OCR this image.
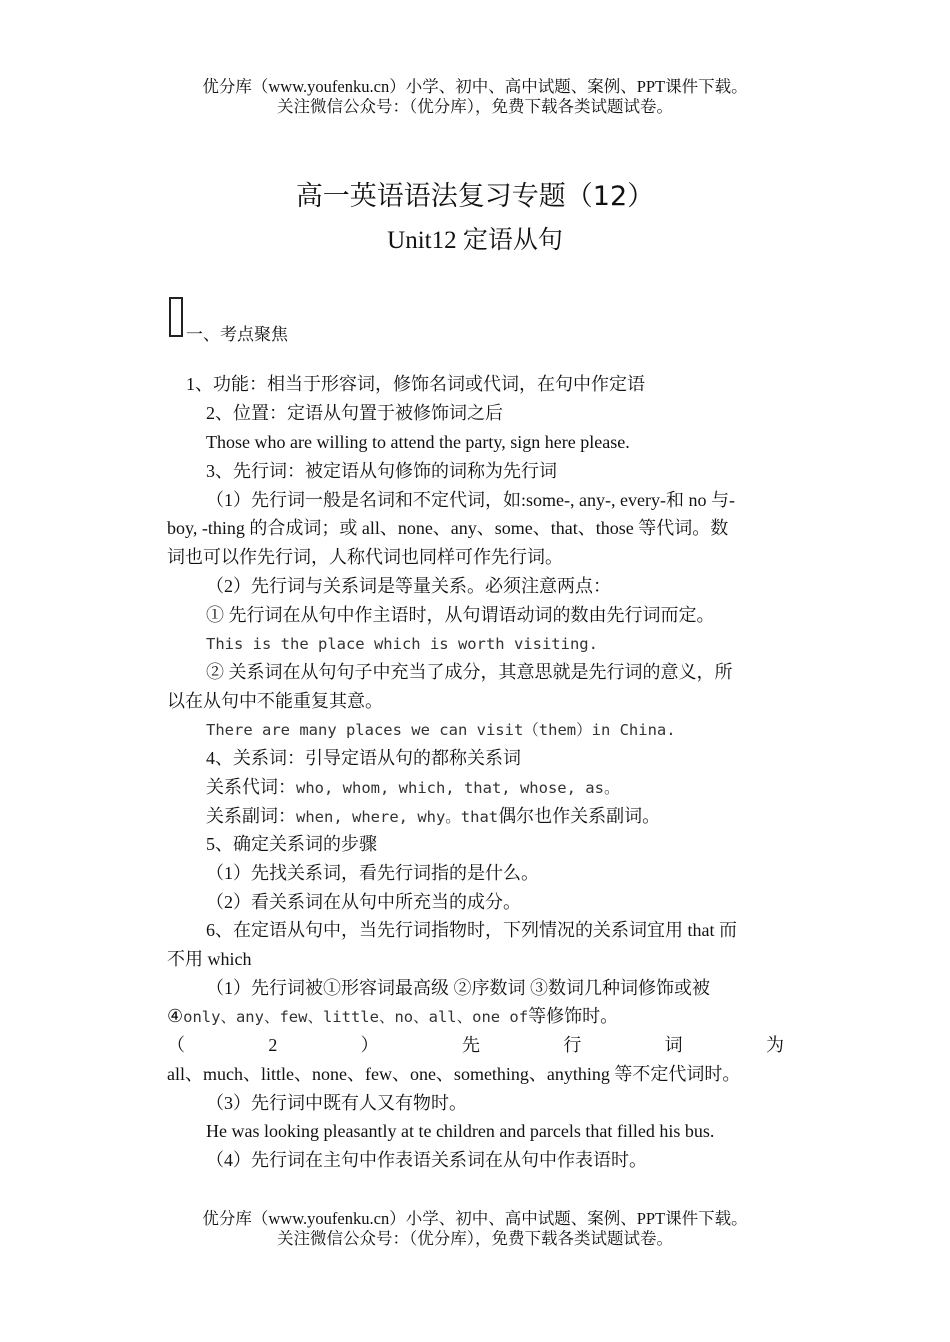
优分库（www.youfenku.cn）小学、初中、高中试题、案例、PPT课件下载。
关注微信公众号：（优分库），免费下载各类试题试卷。
高一英语语法复习专题（12）
Unit12 定语从句
一、考点聚焦
1、功能：相当于形容词，修饰名词或代词，在句中作定语
2、位置：定语从句置于被修饰词之后
Those who are willing to attend the party, sign here please.
3、先行词：被定语从句修饰的词称为先行词
（1）先行词一般是名词和不定代词，如:some-, any-, every-和 no 与-
boy, -thing 的合成词；或 all、none、any、some、that、those 等代词。数
词也可以作先行词，人称代词也同样可作先行词。
（2）先行词与关系词是等量关系。必须注意两点：
① 先行词在从句中作主语时，从句谓语动词的数由先行词而定。
This is the place which is worth visiting.
② 关系词在从句句子中充当了成分，其意思就是先行词的意义，所
以在从句中不能重复其意。
There are many places we can visit（them）in China.
4、关系词：引导定语从句的都称关系词
关系代词：who, whom, which, that, whose, as。
关系副词：when, where, why。that偶尔也作关系副词。
5、确定关系词的步骤
（1）先找关系词，看先行词指的是什么。
（2）看关系词在从句中所充当的成分。
6、在定语从句中，当先行词指物时，下列情况的关系词宜用 that 而
不用 which
（1）先行词被①形容词最高级 ②序数词 ③数词几种词修饰或被
④only、any、few、little、no、all、one of等修饰时。
（	2	）	先	行	词	为
all、much、little、none、few、one、something、anything 等不定代词时。
（3）先行词中既有人又有物时。
He was looking pleasantly at te children and parcels that filled his bus.
（4）先行词在主句中作表语关系词在从句中作表语时。
优分库（www.youfenku.cn）小学、初中、高中试题、案例、PPT课件下载。
关注微信公众号：（优分库），免费下载各类试题试卷。
